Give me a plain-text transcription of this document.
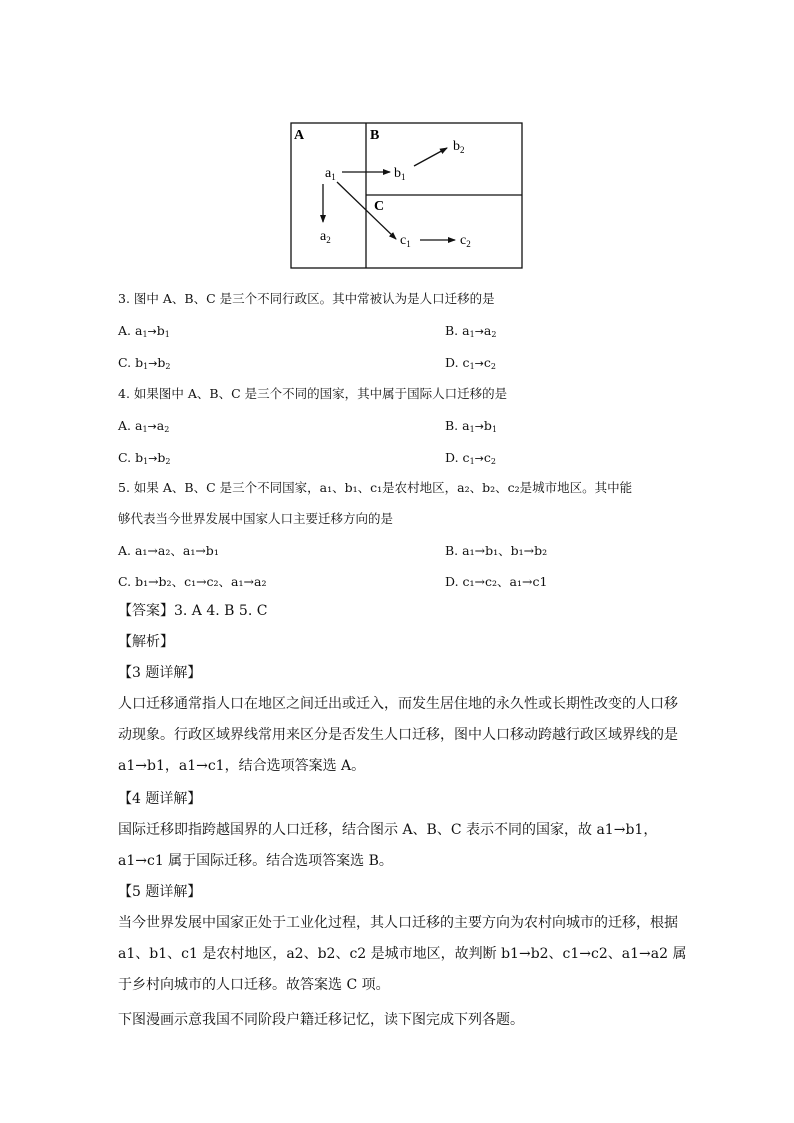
A	B
C
$a_1$
$a_2$
$b_1$
$b_2$
$c_1$	$c_2$
3. 图中 A、B、C 是三个不同行政区。其中常被认为是人口迁移的是
A. $a_1\to b_1$	B. $a_1\to a_2$
C. $b_1\to b_2$	D. $c_1\to c_2$
4. 如果图中 A、B、C 是三个不同的国家，其中属于国际人口迁移的是
A. $a_1\to a_2$	B. $a_1\to b_1$
C. $b_1\to b_2$	D. $c_1\to c_2$
5. 如果 A、B、C 是三个不同国家，a₁、b₁、c₁是农村地区，a₂、b₂、c₂是城市地区。其中能
够代表当今世界发展中国家人口主要迁移方向的是
A. a₁→a₂、a₁→b₁	B. a₁→b₁、b₁→b₂
C. b₁→b₂、c₁→c₂、a₁→a₂	D. c₁→c₂、a₁→c1
【答案】3. A 4. B 5. C
【解析】
【3 题详解】
人口迁移通常指人口在地区之间迁出或迁入，而发生居住地的永久性或长期性改变的人口移动现象。行政区域界线常用来区分是否发生人口迁移，图中人口移动跨越行政区域界线的是 a1→b1，a1→c1，结合选项答案选 A。
【4 题详解】
国际迁移即指跨越国界的人口迁移，结合图示 A、B、C 表示不同的国家，故 a1→b1，a1→c1 属于国际迁移。结合选项答案选 B。
【5 题详解】
当今世界发展中国家正处于工业化过程，其人口迁移的主要方向为农村向城市的迁移，根据 a1、b1、c1 是农村地区，a2、b2、c2 是城市地区，故判断 b1→b2、c1→c2、a1→a2 属于乡村向城市的人口迁移。故答案选 C 项。
下图漫画示意我国不同阶段户籍迁移记忆，读下图完成下列各题。
